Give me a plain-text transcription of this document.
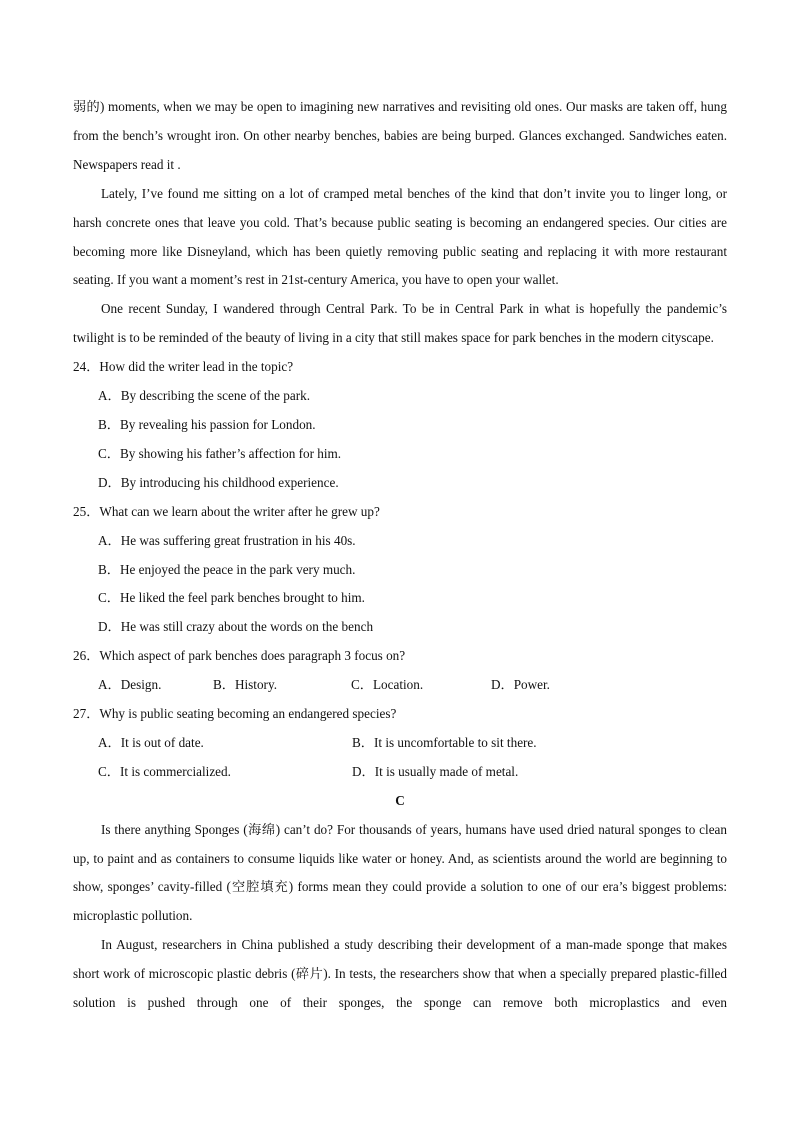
弱的) moments, when we may be open to imagining new narratives and revisiting old ones. Our masks are taken off, hung from the bench’s wrought iron. On other nearby benches, babies are being burped. Glances exchanged. Sandwiches eaten. Newspapers read it .

Lately, I’ve found me sitting on a lot of cramped metal benches of the kind that don’t invite you to linger long, or harsh concrete ones that leave you cold. That’s because public seating is becoming an endangered species. Our cities are becoming more like Disneyland, which has been quietly removing public seating and replacing it with more restaurant seating. If you want a moment’s rest in 21st-century America, you have to open your wallet.

One recent Sunday, I wandered through Central Park. To be in Central Park in what is hopefully the pandemic’s twilight is to be reminded of the beauty of living in a city that still makes space for park benches in the modern cityscape.

24．How did the writer lead in the topic?

A．By describing the scene of the park.

B．By revealing his passion for London.

C．By showing his father’s affection for him.

D．By introducing his childhood experience.

25．What can we learn about the writer after he grew up?

A．He was suffering great frustration in his 40s.

B．He enjoyed the peace in the park very much.

C．He liked the feel park benches brought to him.

D．He was still crazy about the words on the bench

26．Which aspect of park benches does paragraph 3 focus on?

A．Design.	B．History.	C．Location.	D．Power.

27．Why is public seating becoming an endangered species?

A．It is out of date.	B．It is uncomfortable to sit there.
C．It is commercialized.	D．It is usually made of metal.

C

Is there anything Sponges (海绵) can’t do? For thousands of years, humans have used dried natural sponges to clean up, to paint and as containers to consume liquids like water or honey. And, as scientists around the world are beginning to show, sponges’ cavity-filled (空腔填充) forms mean they could provide a solution to one of our era’s biggest problems: microplastic pollution.

In August, researchers in China published a study describing their development of a man-made sponge that makes short work of microscopic plastic debris (碎片). In tests, the researchers show that when a specially prepared plastic-filled solution is pushed through one of their sponges, the sponge can remove both microplastics and even
